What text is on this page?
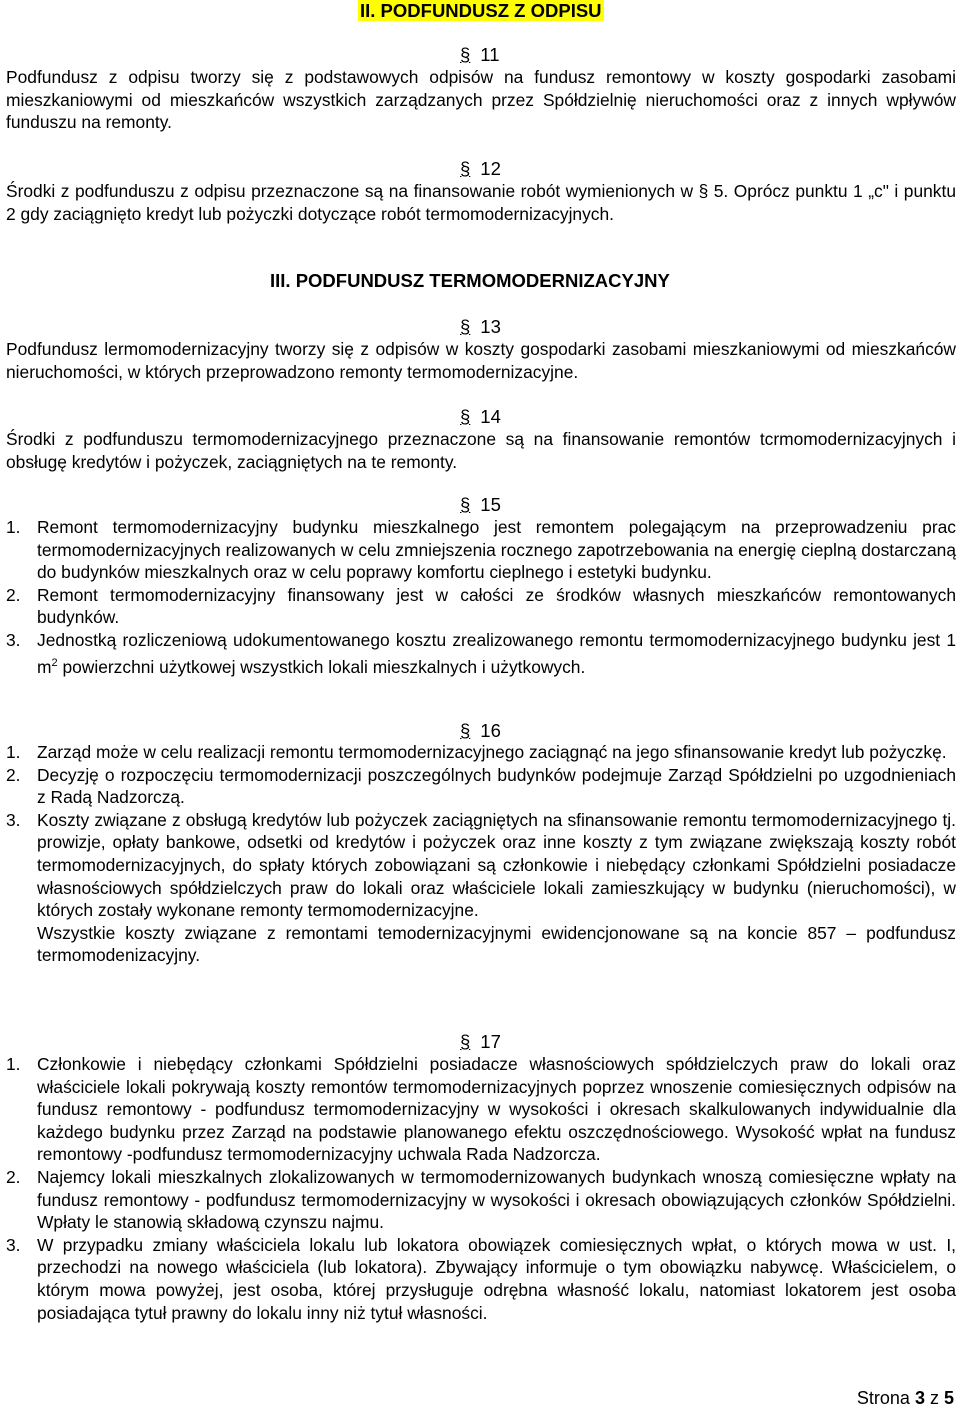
II. PODFUNDUSZ Z ODPISU
§ 11

Podfundusz z odpisu tworzy się z podstawowych odpisów na fundusz remontowy w koszty gospodarki zasobami mieszkaniowymi od mieszkańców wszystkich zarządzanych przez Spółdzielnię nieruchomości oraz z innych wpływów funduszu na remonty.

§ 12

Środki z podfunduszu z odpisu przeznaczone są na finansowanie robót wymienionych w § 5. Oprócz punktu 1 „c" i punktu 2 gdy zaciągnięto kredyt lub pożyczki dotyczące robót termomodernizacyjnych.

III. PODFUNDUSZ TERMOMODERNIZACYJNY
§ 13

Podfundusz lermomodernizacyjny tworzy się z odpisów w koszty gospodarki zasobami mieszkaniowymi od mieszkańców nieruchomości, w których przeprowadzono remonty termomodernizacyjne.

§ 14

Środki z podfunduszu termomodernizacyjnego przeznaczone są na finansowanie remontów tcrmomodernizacyjnych i obsługę kredytów i pożyczek, zaciągniętych na te remonty.

§ 15
1. Remont termomodernizacyjny budynku mieszkalnego jest remontem polegającym na przeprowadzeniu prac termomodernizacyjnych realizowanych w celu zmniejszenia rocznego zapotrzebowania na energię cieplną dostarczaną do budynków mieszkalnych oraz w celu poprawy komfortu cieplnego i estetyki budynku.
2. Remont termomodernizacyjny finansowany jest w całości ze środków własnych mieszkańców remontowanych budynków.
3. Jednostką rozliczeniową udokumentowanego kosztu zrealizowanego remontu termomodernizacyjnego budynku jest 1 $m^2$ powierzchni użytkowej wszystkich lokali mieszkalnych i użytkowych.
§ 16
1. Zarząd może w celu realizacji remontu termomodernizacyjnego zaciągnąć na jego sfinansowanie kredyt lub pożyczkę.
2. Decyzję o rozpoczęciu termomodernizacji poszczególnych budynków podejmuje Zarząd Spółdzielni po uzgodnieniach z Radą Nadzorczą.
3. Koszty związane z obsługą kredytów lub pożyczek zaciągniętych na sfinansowanie remontu termomodernizacyjnego tj. prowizje, opłaty bankowe, odsetki od kredytów i pożyczek oraz inne koszty z tym związane zwiększają koszty robót termomodernizacyjnych, do spłaty których zobowiązani są członkowie i niebędący członkami Spółdzielni posiadacze własnościowych spółdzielczych praw do lokali oraz właściciele lokali zamieszkujący w budynku (nieruchomości), w których zostały wykonane remonty termomodernizacyjne.
Wszystkie koszty związane z remontami temodernizacyjnymi ewidencjonowane są na koncie 857 – podfundusz termomodenizacyjny.
§ 17
1. Członkowie i niebędący członkami Spółdzielni posiadacze własnościowych spółdzielczych praw do lokali oraz właściciele lokali pokrywają koszty remontów termomodernizacyjnych poprzez wnoszenie comiesięcznych odpisów na fundusz remontowy - podfundusz termomodernizacyjny w wysokości i okresach skalkulowanych indywidualnie dla każdego budynku przez Zarząd na podstawie planowanego efektu oszczędnościowego. Wysokość wpłat na fundusz remontowy -podfundusz termomodernizacyjny uchwala Rada Nadzorcza.
2. Najemcy lokali mieszkalnych zlokalizowanych w termomodernizowanych budynkach wnoszą comiesięczne wpłaty na fundusz remontowy - podfundusz termomodernizacyjny w wysokości i okresach obowiązujących członków Spółdzielni. Wpłaty le stanowią składową czynszu najmu.
3. W przypadku zmiany właściciela lokalu lub lokatora obowiązek comiesięcznych wpłat, o których mowa w ust. I, przechodzi na nowego właściciela (lub lokatora). Zbywający informuje o tym obowiązku nabywcę. Właścicielem, o którym mowa powyżej, jest osoba, której przysługuje odrębna własność lokalu, natomiast lokatorem jest osoba posiadająca tytuł prawny do lokalu inny niż tytuł własności.
Strona 3 z 5
